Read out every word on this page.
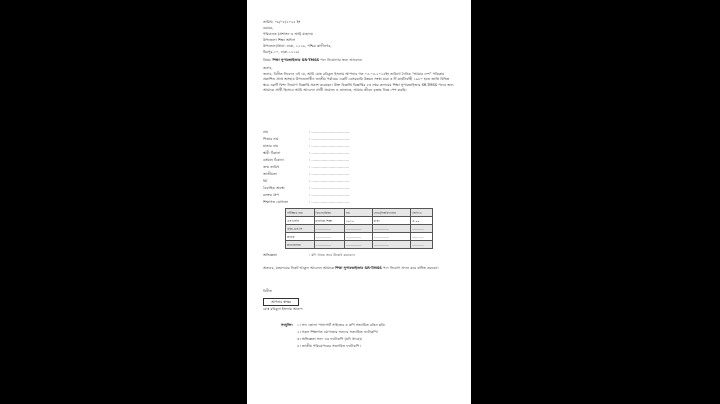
তারিখ: ০৬/০৫/২০২৫ ইং
বরাবর,
পরিচালক (প্রশাসন ও অর্থ) মহোদয়
উপজেলা শিক্ষা অফিস
উপজেলা/থানা: ঢাকা, ১২১৬, পশ্চিম কাফীনগর,
মিরপুর-১০, ঢাকা-১২১৬।
বিষয়: শিক্ষা সুপারভাইজার SR-TMSS পদে নিয়োগের জন্য আবেদন।
জনাব,
জনাব, বিনীত নিবেদন এই যে, আমি মোঃ রবিকুল ইসলাম আপনার গত ০৫.০৫.২০২৫ইং তারিখে দৈনিক “আমার দেশ” পত্রিকায় প্রকাশিত প্রাপ্ত অসহায় উপজেলাধীন জাতীয় পর্যায়ের একটি বেসরকারি উন্নয়ন সংস্থা যারা ৩ টি কার্যনির্বাহী ১৯৮০ হতে জাতি বিভিন্ন স্থরে একটি বিশদ নিয়োগ বিজ্ঞপ্তি প্রকাশ করেছেন। উক্ত বিজ্ঞপ্তি বিজ্ঞপ্তির ৫৩ নম্বর কলামের শিক্ষা সুপারভাইজার SR-TMSS পদের জন্য আমাকে প্রার্থী হিসেবে আমি আবেদন প্রার্থী প্রয়োজ ও জানাতে, আমার জীবন বৃত্তান্ত নিম্নে পেশ করছি।
নাম	: .................................
পিতার নাম	: .................................
মাতার নাম	: .................................
স্থায়ী ঠিকানা	: .................................
বর্তমান ঠিকানা	: .................................
জন্ম তারিখ	: .................................
জাতীয়তা	: .................................
ধর্ম	: .................................
বৈবাহিক অবস্থা	: .................................
রক্তের গ্রুপ	: .................................
শিক্ষাগত যোগ্যতা	: .................................
পরীক্ষার নাম	বিভাগ/বিষয়	সন	বোর্ড/বিশ্ববিদ্যালয়	জিপিএ
এসএসসি	মানবিক শিক্ষা	২০১০	ঢাকা	৪.০০
এইচ.এস.সি	...............	...............	...............	...........
স্নাতক	...............	...............	...............	...........
স্নাতকোত্তর	...............	...............	...............	...........
অভিজ্ঞতা	: যদি থাকে তবে উল্লেখ করবেন।
অতএব, মহোদয়ের নিকট আকুল আবেদন আমাকে শিক্ষা সুপারভাইজার SR-TMSS পদে নিয়োগ প্রদান করে বাধিত করবেন।
বিনীত
আপনার স্বাক্ষর
মোঃ রবিকুল ইসলাম আকন্দ
সংযুক্তি: ১। সদ্য তোলা পাসপোর্ট সাইজের ৩ কপি সত্যায়িত রঙিন ছবি।
২। সকল শিক্ষাগত যোগ্যতার সনদের সত্যায়িত ফটোকপি।
৩। অভিজ্ঞতা সনদ এর ফটোকপি (যদি থাকে)।
৪। জাতীয় পরিচয়পত্রের সত্যায়িত ফটোকপি।
